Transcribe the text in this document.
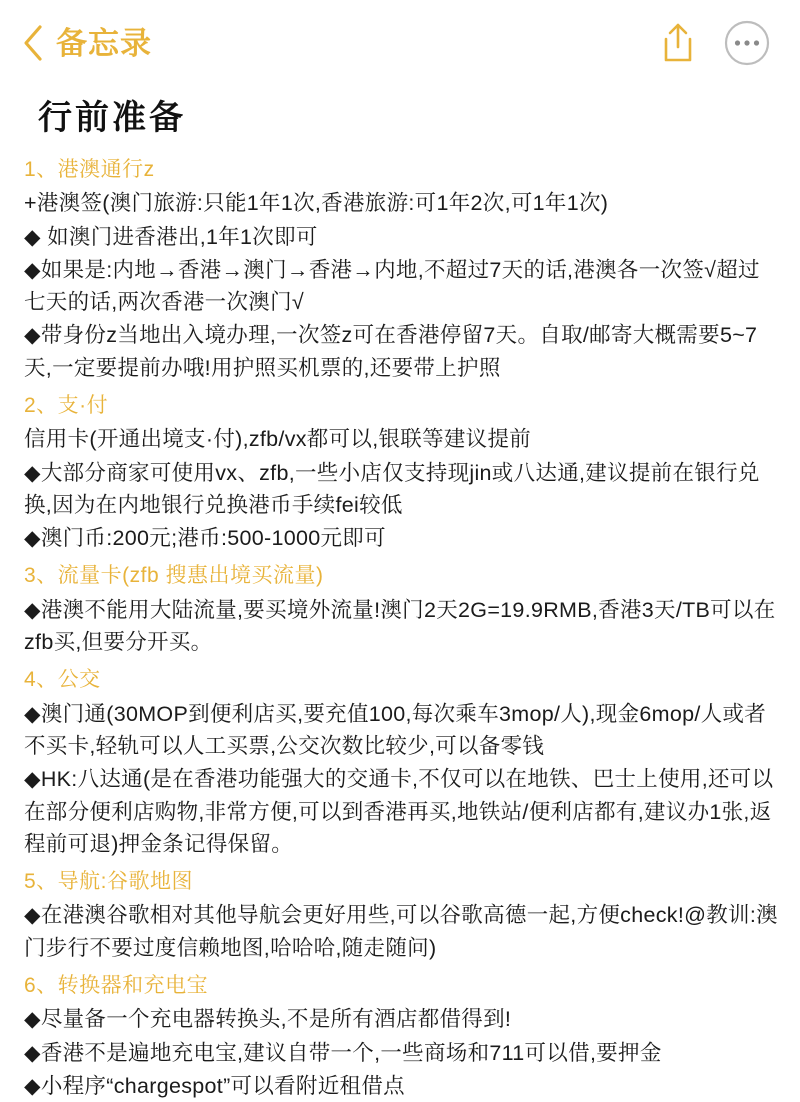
备忘录
行前准备
1、港澳通行z
+港澳签(澳门旅游:只能1年1次,香港旅游:可1年2次,可1年1次)
◆ 如澳门进香港出,1年1次即可
◆如果是:内地→香港→澳门→香港→内地,不超过7天的话,港澳各一次签√超过七天的话,两次香港一次澳门√
◆带身份z当地出入境办理,一次签z可在香港停留7天。自取/邮寄大概需要5~7天,一定要提前办哦!用护照买机票的,还要带上护照
2、支·付
信用卡(开通出境支·付),zfb/vx都可以,银联等建议提前
◆大部分商家可使用vx、zfb,一些小店仅支持现jin或八达通,建议提前在银行兑换,因为在内地银行兑换港币手续fei较低
◆澳门币:200元;港币:500-1000元即可
3、流量卡(zfb 搜惠出境买流量)
◆港澳不能用大陆流量,要买境外流量!澳门2天2G=19.9RMB,香港3天/TB可以在zfb买,但要分开买。
4、公交
◆澳门通(30MOP到便利店买,要充值100,每次乘车3mop/人),现金6mop/人或者不买卡,轻轨可以人工买票,公交次数比较少,可以备零钱
◆HK:八达通(是在香港功能强大的交通卡,不仅可以在地铁、巴士上使用,还可以在部分便利店购物,非常方便,可以到香港再买,地铁站/便利店都有,建议办1张,返程前可退)押金条记得保留。
5、导航:谷歌地图
◆在港澳谷歌相对其他导航会更好用些,可以谷歌高德一起,方便check!@教训:澳门步行不要过度信赖地图,哈哈哈,随走随问)
6、转换器和充电宝
◆尽量备一个充电器转换头,不是所有酒店都借得到!
◆香港不是遍地充电宝,建议自带一个,一些商场和711可以借,要押金
◆小程序“chargespot”可以看附近租借点
